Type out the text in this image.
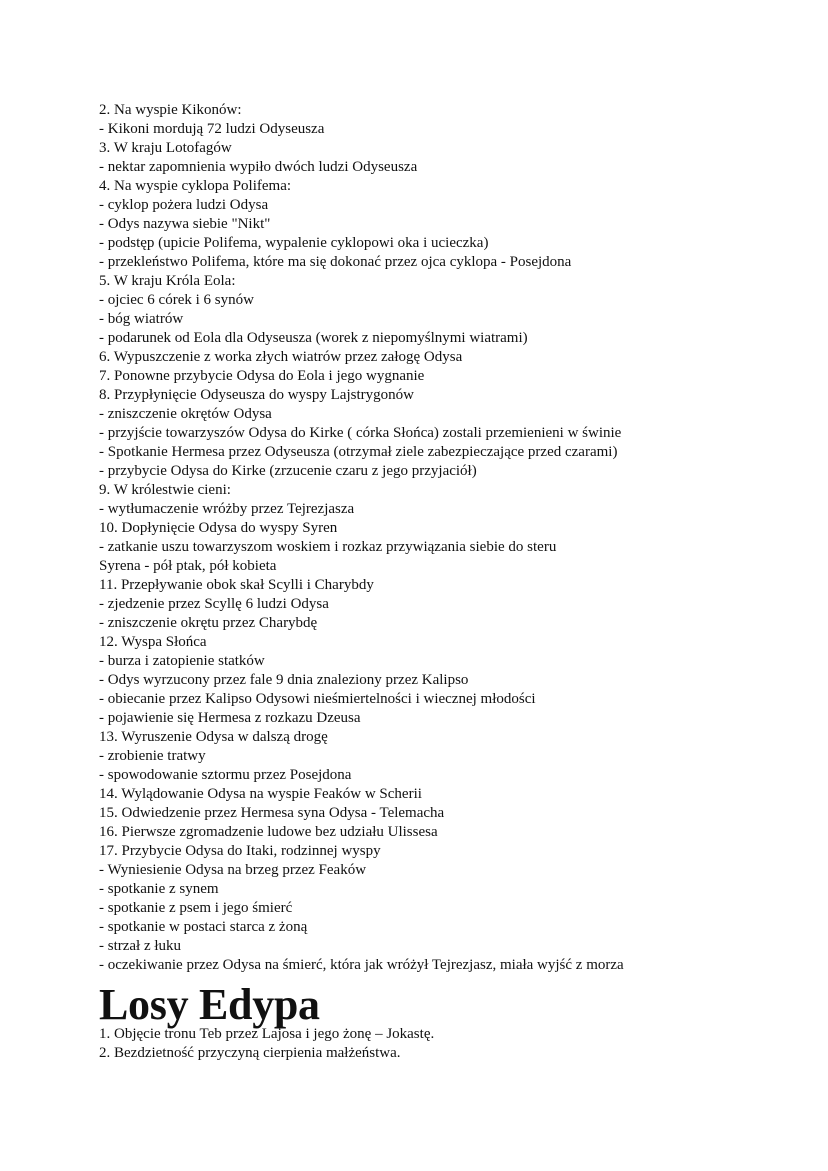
2. Na wyspie Kikonów:
- Kikoni mordują 72 ludzi Odyseusza
3. W kraju Lotofagów
- nektar zapomnienia wypiło dwóch ludzi Odyseusza
4. Na wyspie cyklopa Polifema:
- cyklop pożera ludzi Odysa
- Odys nazywa siebie "Nikt"
- podstęp (upicie Polifema, wypalenie cyklopowi oka i ucieczka)
- przekleństwo Polifema, które ma się dokonać przez ojca cyklopa - Posejdona
5. W kraju Króla Eola:
- ojciec 6 córek i 6 synów
- bóg wiatrów
- podarunek od Eola dla Odyseusza (worek z niepomyślnymi wiatrami)
6. Wypuszczenie z worka złych wiatrów przez załogę Odysa
7. Ponowne przybycie Odysa do Eola i jego wygnanie
8. Przypłynięcie Odyseusza do wyspy Lajstrygonów
- zniszczenie okrętów Odysa
- przyjście towarzyszów Odysa do Kirke ( córka Słońca) zostali przemienieni w świnie
- Spotkanie Hermesa przez Odyseusza (otrzymał ziele zabezpieczające przed czarami)
- przybycie Odysa do Kirke (zrzucenie czaru z jego przyjaciół)
9. W królestwie cieni:
- wytłumaczenie wróżby przez Tejrezjasza
10. Dopłynięcie Odysa do wyspy Syren
- zatkanie uszu towarzyszom woskiem i rozkaz przywiązania siebie do steru
Syrena - pół ptak, pół kobieta
11. Przepływanie obok skał Scylli i Charybdy
- zjedzenie przez Scyllę 6 ludzi Odysa
- zniszczenie okrętu przez Charybdę
12. Wyspa Słońca
- burza i zatopienie statków
- Odys wyrzucony przez fale 9 dnia znaleziony przez Kalipso
- obiecanie przez Kalipso Odysowi nieśmiertelności i wiecznej młodości
- pojawienie się Hermesa z rozkazu Dzeusa
13. Wyruszenie Odysa w dalszą drogę
- zrobienie tratwy
- spowodowanie sztormu przez Posejdona
14. Wylądowanie Odysa na wyspie Feaków w Scherii
15. Odwiedzenie przez Hermesa syna Odysa - Telemacha
16. Pierwsze zgromadzenie ludowe bez udziału Ulissesa
17. Przybycie Odysa do Itaki, rodzinnej wyspy
- Wyniesienie Odysa na brzeg przez Feaków
- spotkanie z synem
- spotkanie z psem i jego śmierć
- spotkanie w postaci starca z żoną
- strzał z łuku
- oczekiwanie przez Odysa na śmierć, która jak wróżył Tejrezjasz, miała wyjść z morza
Losy Edypa
1. Objęcie tronu Teb przez Lajosa i jego żonę – Jokastę.
2. Bezdzietność przyczyną cierpienia małżeństwa.
